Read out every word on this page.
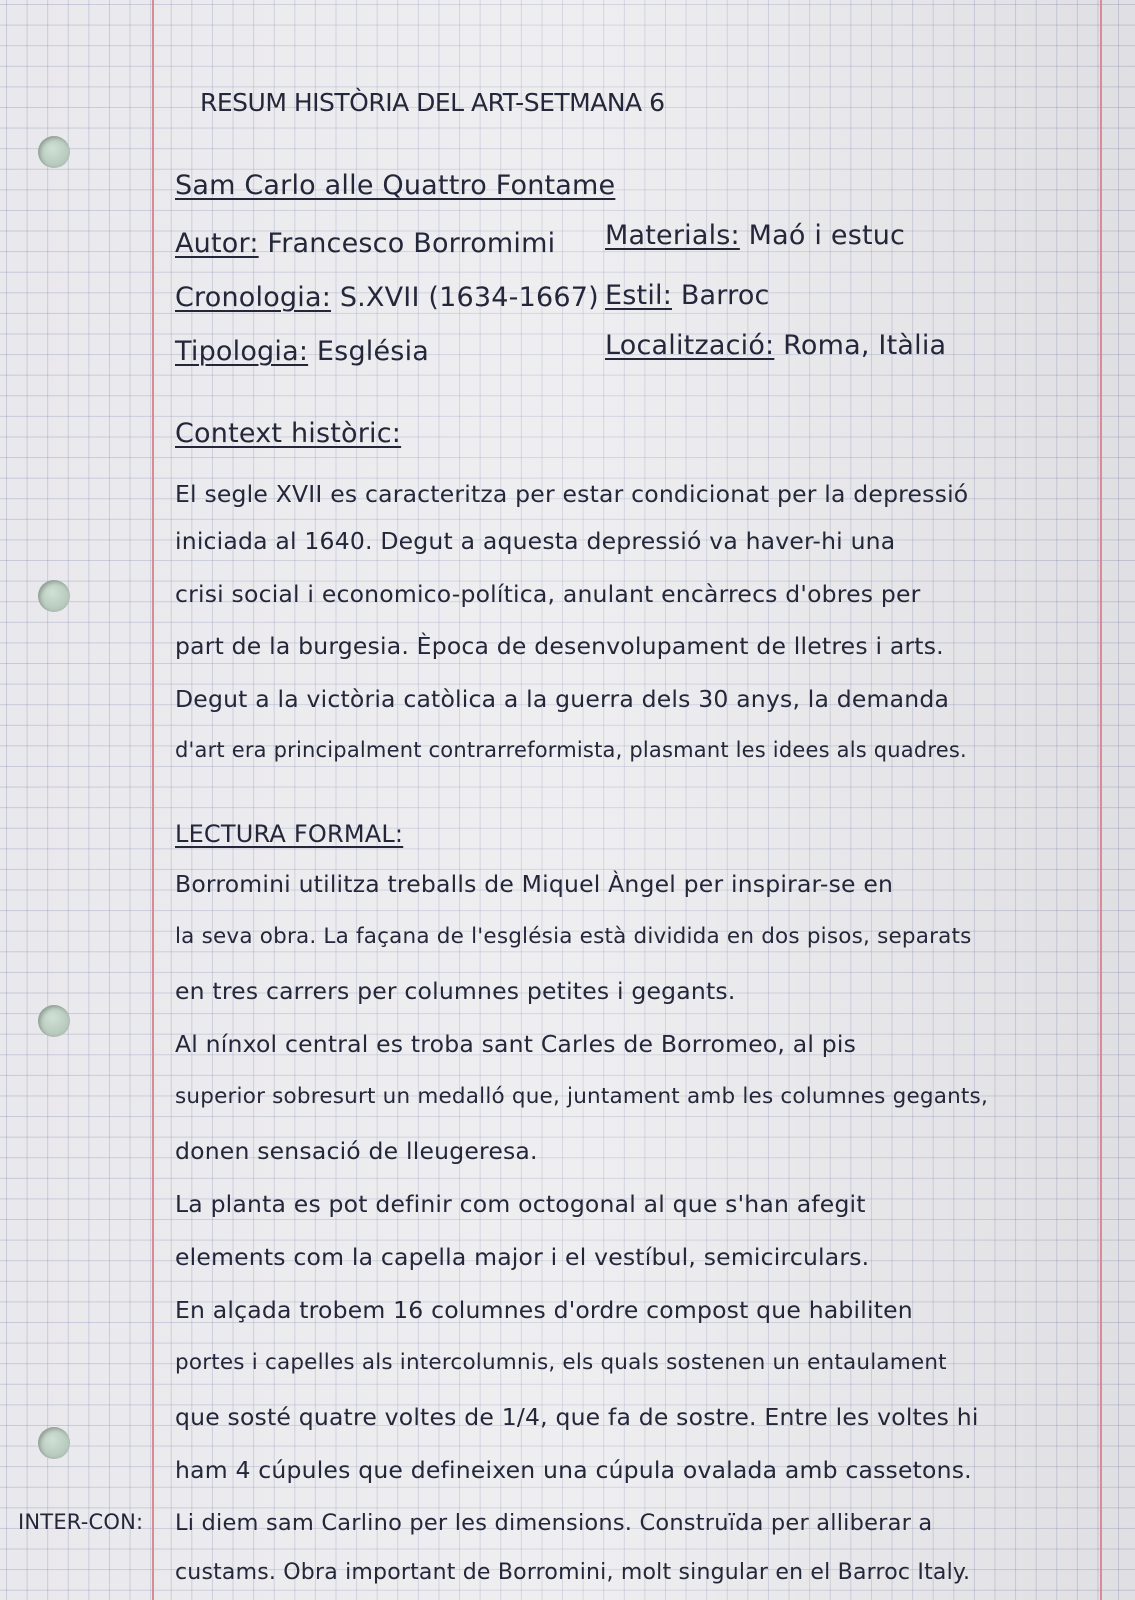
RESUM HISTÒRIA DEL ART-SETMANA 6

Sam Carlo alle Quattro Fontame

Autor: Francesco Borromimi Materials: Maó i estuc

Cronologia: S.XVII (1634-1667) Estil: Barroc

Tipologia: Església	Localització: Roma, Itàlia

Context històric:

El segle XVII es caracteritza per estar condicionat per la depressió

iniciada al 1640. Degut a aquesta depressió va haver-hi una

crisi social i economico-política, anulant encàrrecs d'obres per

part de la burgesia. Època de desenvolupament de lletres i arts.

Degut a la victòria catòlica a la guerra dels 30 anys, la demanda

d'art era principalment contrarreformista, plasmant les idees als quadres.

LECTURA FORMAL:

Borromini utilitza treballs de Miquel Àngel per inspirar-se en

la seva obra. La façana de l'església està dividida en dos pisos, separats

en tres carrers per columnes petites i gegants.

Al nínxol central es troba sant Carles de Borromeo, al pis

superior sobresurt un medalló que, juntament amb les columnes gegants,

donen sensació de lleugeresa.

La planta es pot definir com octogonal al que s'han afegit

elements com la capella major i el vestíbul, semicirculars.

En alçada trobem 16 columnes d'ordre compost que habiliten

portes i capelles als intercolumnis, els quals sostenen un entaulament

que sosté quatre voltes de 1/4, que fa de sostre. Entre les voltes hi

ham 4 cúpules que defineixen una cúpula ovalada amb cassetons.

INTER-CON: Li diem sam Carlino per les dimensions. Construïda per alliberar a

custams. Obra important de Borromini, molt singular en el Barroc Italy.
